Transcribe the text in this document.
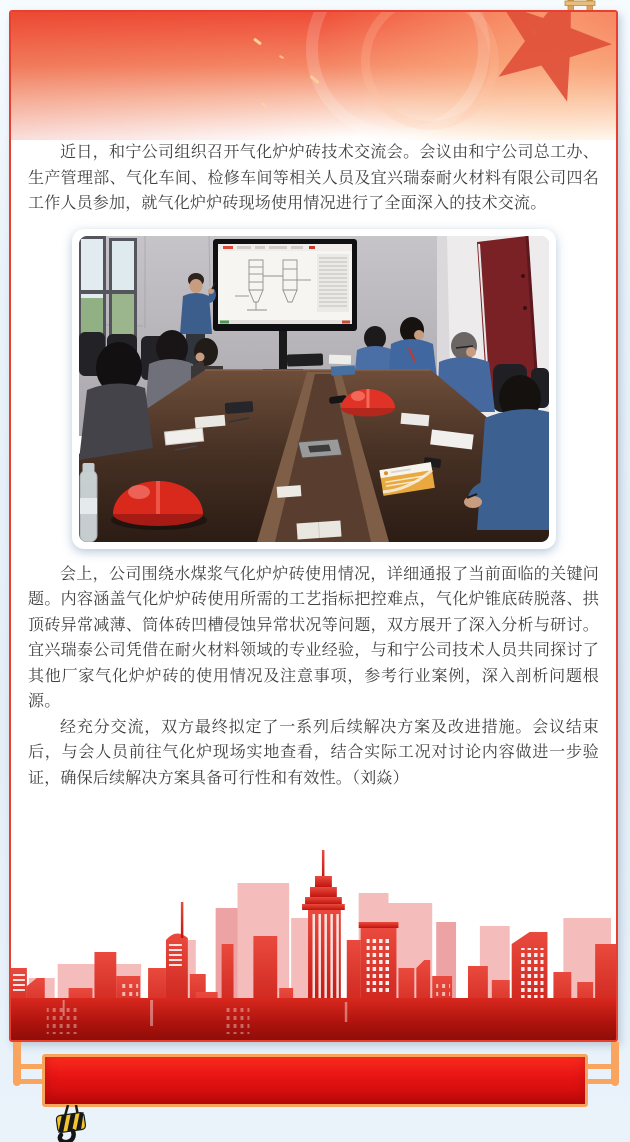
近日，和宁公司组织召开气化炉炉砖技术交流会。会议由和宁公司总工办、生产管理部、气化车间、检修车间等相关人员及宜兴瑞泰耐火材料有限公司四名工作人员参加，就气化炉炉砖现场使用情况进行了全面深入的技术交流。

会上，公司围绕水煤浆气化炉炉砖使用情况，详细通报了当前面临的关键问题。内容涵盖气化炉炉砖使用所需的工艺指标把控难点，气化炉锥底砖脱落、拱顶砖异常减薄、筒体砖凹槽侵蚀异常状况等问题，双方展开了深入分析与研讨。宜兴瑞泰公司凭借在耐火材料领域的专业经验，与和宁公司技术人员共同探讨了其他厂家气化炉炉砖的使用情况及注意事项，参考行业案例，深入剖析问题根源。

经充分交流，双方最终拟定了一系列后续解决方案及改进措施。会议结束后，与会人员前往气化炉现场实地查看，结合实际工况对讨论内容做进一步验证，确保后续解决方案具备可行性和有效性。（刘焱）
